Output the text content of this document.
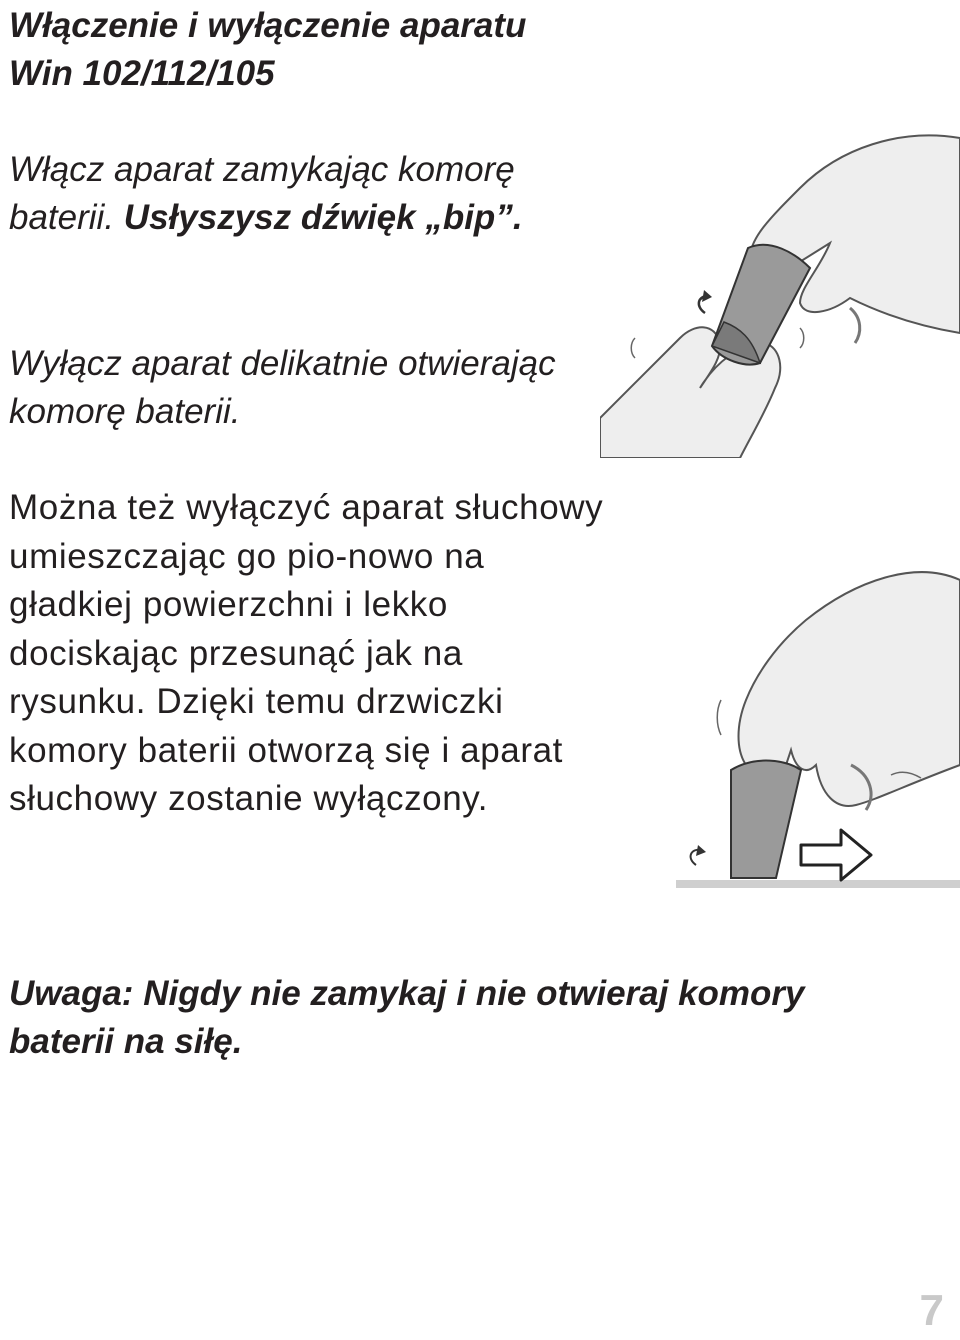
Włączenie i wyłączenie aparatu
Win 102/112/105

Włącz aparat zamykając komorę baterii. Usłyszysz dźwięk „bip”.

Wyłącz aparat delikatnie otwierając komorę baterii.

Można też wyłączyć aparat słuchowy umieszczając go pio-nowo na gładkiej powierzchni i lekko dociskając przesunąć jak na rysunku. Dzięki temu drzwiczki komory baterii otworzą się i aparat słuchowy zostanie wyłączony.

Uwaga: Nigdy nie zamykaj i nie otwieraj komory baterii na siłę.

7
